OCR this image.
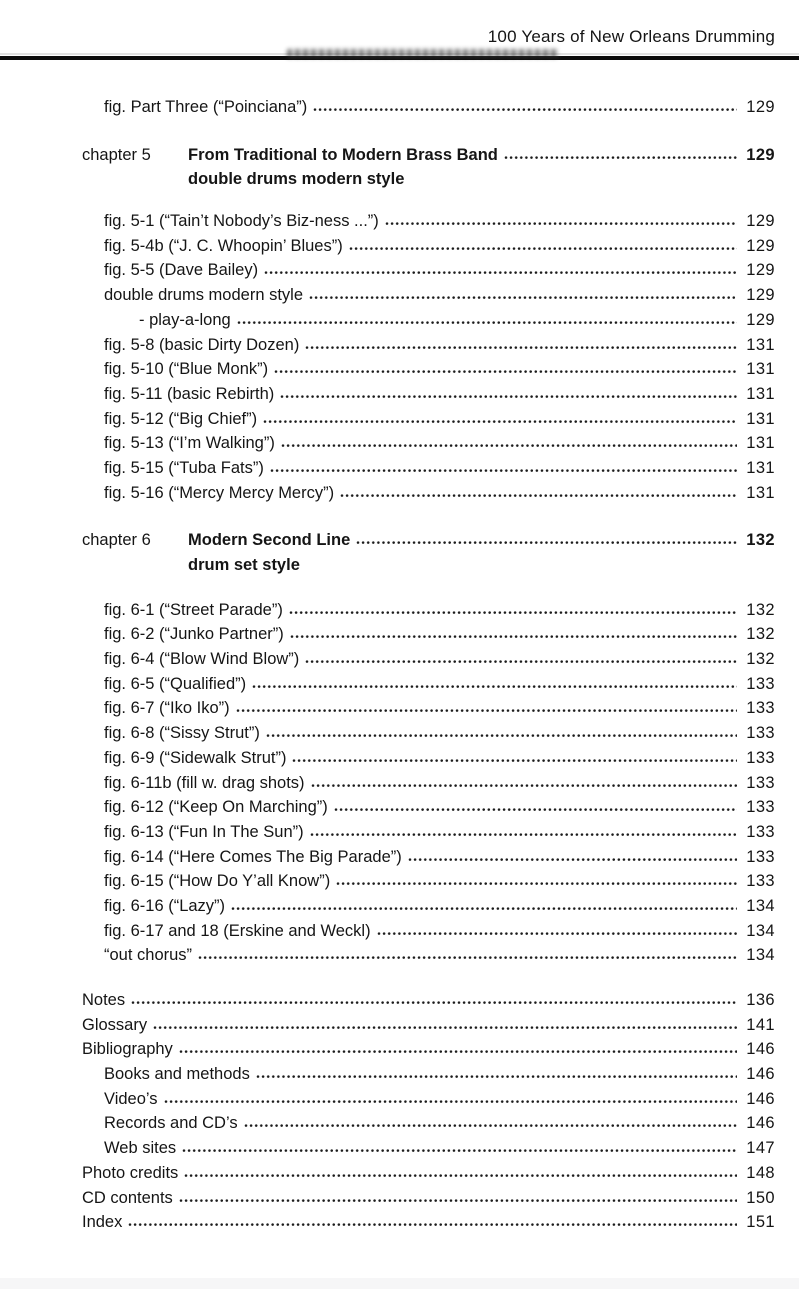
100 Years of New Orleans Drumming
fig. Part Three (“Poinciana”)	129
chapter 5	From Traditional to Modern Brass Band	129
double drums modern style
fig. 5-1 (“Tain’t Nobody’s Biz-ness ...”)	129
fig. 5-4b (“J. C. Whoopin’ Blues”)	129
fig. 5-5 (Dave Bailey)	129
double drums modern style	129
- play-a-long	129
fig. 5-8 (basic Dirty Dozen)	131
fig. 5-10 (“Blue Monk”)	131
fig. 5-11 (basic Rebirth)	131
fig. 5-12 (“Big Chief”)	131
fig. 5-13 (“I’m Walking”)	131
fig. 5-15 (“Tuba Fats”)	131
fig. 5-16 (“Mercy Mercy Mercy”)	131
chapter 6	Modern Second Line	132
drum set style
fig. 6-1 (“Street Parade”)	132
fig. 6-2 (“Junko Partner”)	132
fig. 6-4 (“Blow Wind Blow”)	132
fig. 6-5 (“Qualified”)	133
fig. 6-7 (“Iko Iko”)	133
fig. 6-8 (“Sissy Strut”)	133
fig. 6-9 (“Sidewalk Strut”)	133
fig. 6-11b (fill w. drag shots)	133
fig. 6-12 (“Keep On Marching”)	133
fig. 6-13 (“Fun In The Sun”)	133
fig. 6-14 (“Here Comes The Big Parade”)	133
fig. 6-15 (“How Do Y’all Know”)	133
fig. 6-16 (“Lazy”)	134
fig. 6-17 and 18 (Erskine and Weckl)	134
“out chorus”	134
Notes	136
Glossary	141
Bibliography	146
Books and methods	146
Video’s	146
Records and CD’s	146
Web sites	147
Photo credits	148
CD contents	150
Index	151
